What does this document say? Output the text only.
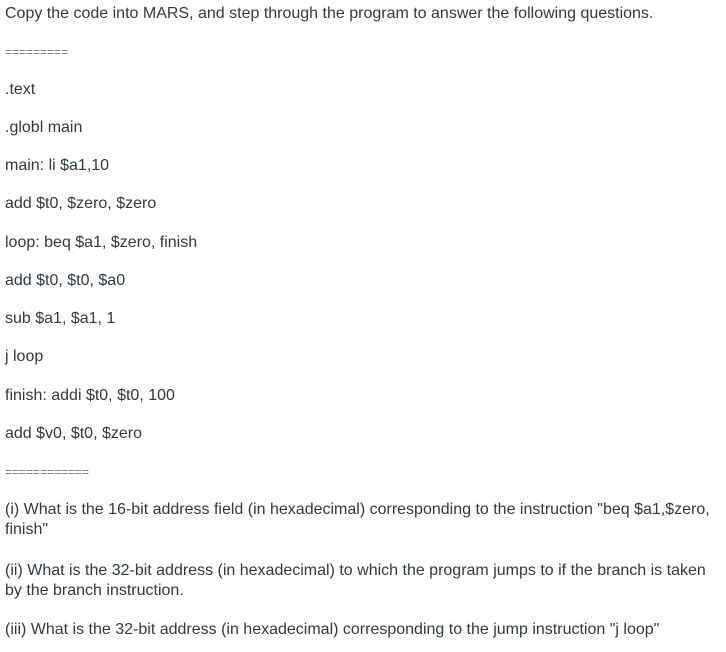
Copy the code into MARS, and step through the program to answer the following questions.
=========
.text
.globl main
main: li $a1,10
add $t0, $zero, $zero
loop: beq $a1, $zero, finish
add $t0, $t0, $a0
sub $a1, $a1, 1
j loop
finish: addi $t0, $t0, 100
add $v0, $t0, $zero
============
(i) What is the 16-bit address field (in hexadecimal) corresponding to the instruction "beq $a1,$zero, finish"
(ii) What is the 32-bit address (in hexadecimal) to which the program jumps to if the branch is taken by the branch instruction.
(iii) What is the 32-bit address (in hexadecimal) corresponding to the jump instruction "j loop"
